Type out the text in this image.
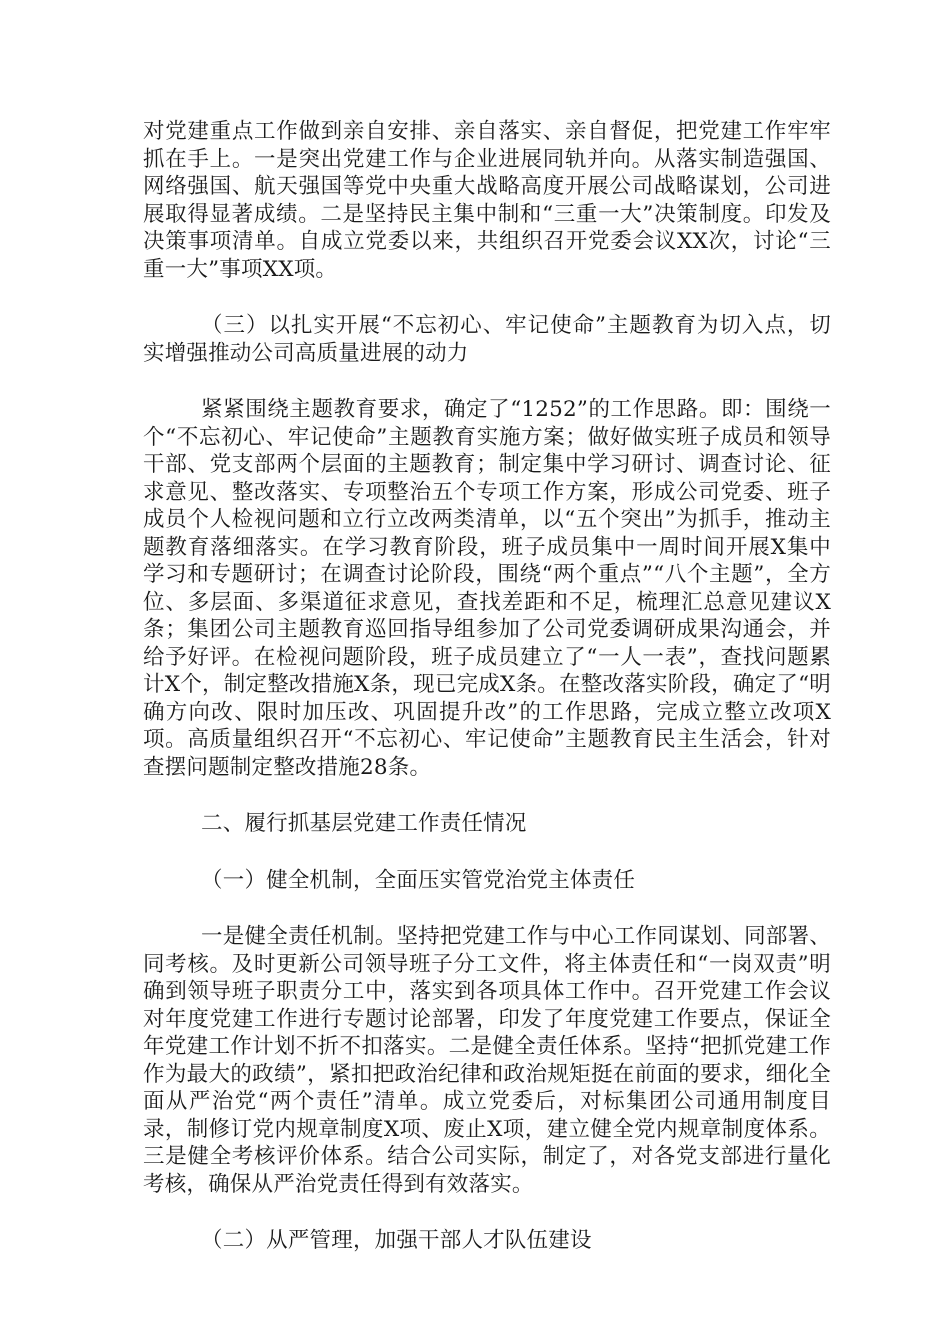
对党建重点工作做到亲自安排、亲自落实、亲自督促，把党建工作牢牢抓在手上。一是突出党建工作与企业进展同轨并向。从落实制造强国、网络强国、航天强国等党中央重大战略高度开展公司战略谋划，公司进展取得显著成绩。二是坚持民主集中制和“三重一大”决策制度。印发及决策事项清单。自成立党委以来，共组织召开党委会议XX次，讨论“三重一大”事项XX项。

（三）以扎实开展“不忘初心、牢记使命”主题教育为切入点，切实增强推动公司高质量进展的动力

紧紧围绕主题教育要求，确定了“1252”的工作思路。即：围绕一个“不忘初心、牢记使命”主题教育实施方案；做好做实班子成员和领导干部、党支部两个层面的主题教育；制定集中学习研讨、调查讨论、征求意见、整改落实、专项整治五个专项工作方案，形成公司党委、班子成员个人检视问题和立行立改两类清单，以“五个突出”为抓手，推动主题教育落细落实。在学习教育阶段，班子成员集中一周时间开展X集中学习和专题研讨；在调查讨论阶段，围绕“两个重点”“八个主题”，全方位、多层面、多渠道征求意见，查找差距和不足，梳理汇总意见建议X条；集团公司主题教育巡回指导组参加了公司党委调研成果沟通会，并给予好评。在检视问题阶段，班子成员建立了“一人一表”，查找问题累计X个，制定整改措施X条，现已完成X条。在整改落实阶段，确定了“明确方向改、限时加压改、巩固提升改”的工作思路，完成立整立改项X项。高质量组织召开“不忘初心、牢记使命”主题教育民主生活会，针对查摆问题制定整改措施28条。

二、履行抓基层党建工作责任情况

（一）健全机制，全面压实管党治党主体责任

一是健全责任机制。坚持把党建工作与中心工作同谋划、同部署、同考核。及时更新公司领导班子分工文件，将主体责任和“一岗双责”明确到领导班子职责分工中，落实到各项具体工作中。召开党建工作会议对年度党建工作进行专题讨论部署，印发了年度党建工作要点，保证全年党建工作计划不折不扣落实。二是健全责任体系。坚持“把抓党建工作作为最大的政绩”，紧扣把政治纪律和政治规矩挺在前面的要求，细化全面从严治党“两个责任”清单。成立党委后，对标集团公司通用制度目录，制修订党内规章制度X项、废止X项，建立健全党内规章制度体系。三是健全考核评价体系。结合公司实际，制定了，对各党支部进行量化考核，确保从严治党责任得到有效落实。

（二）从严管理，加强干部人才队伍建设
